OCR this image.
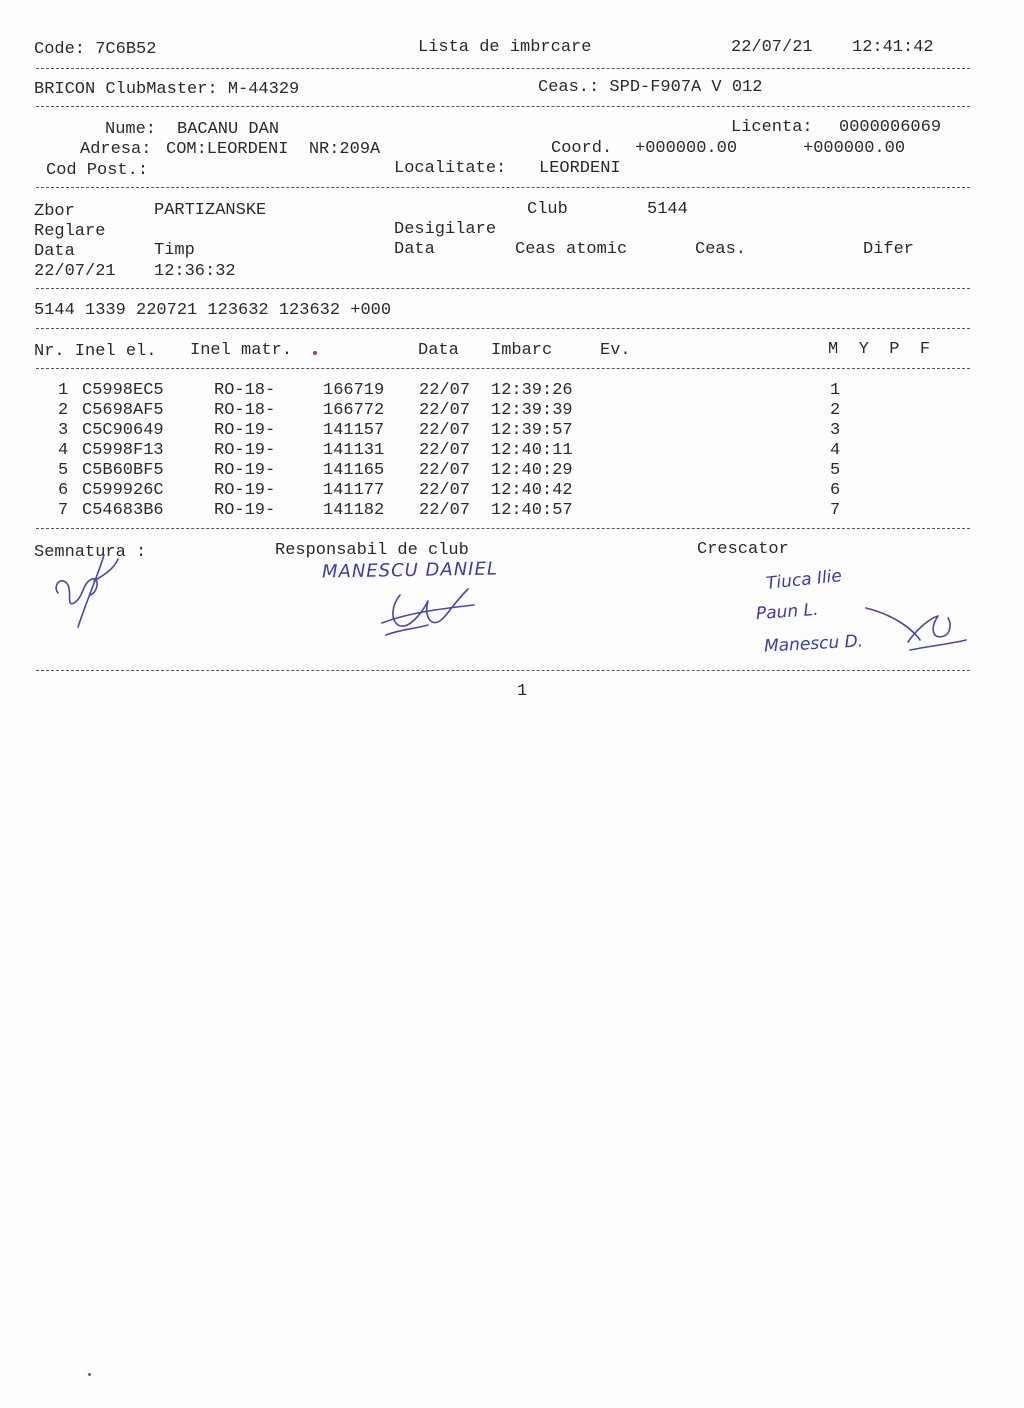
Code: 7C6B52	Lista de imbrcare	22/07/21 12:41:42
BRICON ClubMaster: M-44329	Ceas.: SPD-F907A V 012
Nume: BACANU DAN	Licenta: 0000006069
Adresa: COM:LEORDENI  NR:209A	Coord. +000000.00	+000000.00
Cod Post.:	Localitate: LEORDENI
Zbor	PARTIZANSKE	Club	5144
Reglare	Desigilare
Data	Timp	Data	Ceas atomic	Ceas.	Difer
22/07/21 12:36:32
5144 1339 220721 123632 123632 +000
Nr. Inel el. Inel matr.	Data Imbarc	Ev.	M  Y  P  F
1 C5998EC5	RO-18-	166719 22/07 12:39:26	1
2 C5698AF5	RO-18-	166772 22/07 12:39:39	2
3 C5C90649	RO-19-	141157 22/07 12:39:57	3
4 C5998F13	RO-19-	141131 22/07 12:40:11	4
5 C5B60BF5	RO-19-	141165 22/07 12:40:29	5
6 C599926C	RO-19-	141177 22/07 12:40:42	6
7 C54683B6	RO-19-	141182 22/07 12:40:57	7
Semnatura :	Responsabil de club	Crescator
MANESCU DANIEL	Tiuca Ilie
Paun L.
Manescu D.
1
